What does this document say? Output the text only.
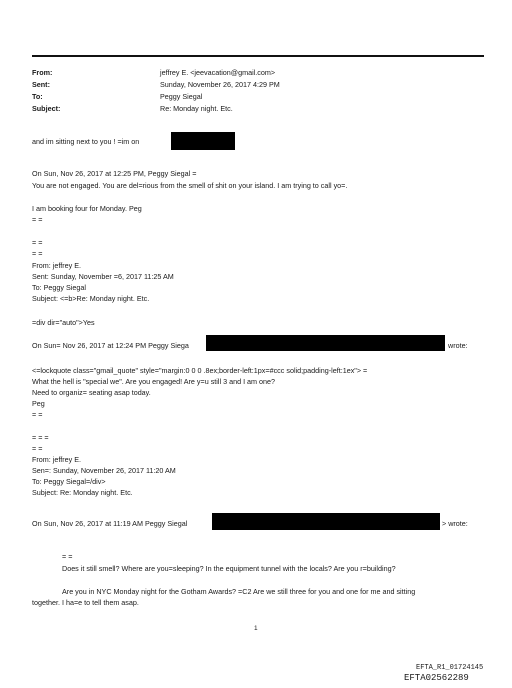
From:
Sent:
To:
Subject:
jeffrey E. <jeevacation@gmail.com>
Sunday, November 26, 2017 4:29 PM
Peggy Siegal
Re: Monday night. Etc.
and im sitting next to you ! =im on
On Sun, Nov 26, 2017 at 12:25 PM, Peggy Siegal =
You are not engaged. You are del=rious from the smell of shit on your island. I am trying to call yo=.
I am booking four for Monday. Peg
= =
= =
= =
From: jeffrey E.
Sent: Sunday, November =6, 2017 11:25 AM
To: Peggy Siegal
Subject: <=b>Re: Monday night. Etc.
=div dir="auto">Yes
On Sun= Nov 26, 2017 at 12:24 PM Peggy Siega	wrote:
<=lockquote class="gmail_quote" style="margin:0 0 0 .8ex;border-left:1px=#ccc solid;padding-left:1ex"> =
What the hell is "special we". Are you engaged! Are y=u still 3 and I am one?
Need to organiz= seating asap today.
Peg
= =
= = =
= =
From: jeffrey E.
Sen=: Sunday, November 26, 2017 11:20 AM
To: Peggy Siegal=/div>
Subject: Re: Monday night. Etc.
On Sun, Nov 26, 2017 at 11:19 AM Peggy Siegal	> wrote:
= =
Does it still smell? Where are you=sleeping? In the equipment tunnel with the locals? Are you r=building?
Are you in NYC Monday night for the Gotham Awards? =C2 Are we still three for you and one for me and sitting
together. I ha=e to tell them asap.
1
EFTA_R1_01724145
EFTA02562289
